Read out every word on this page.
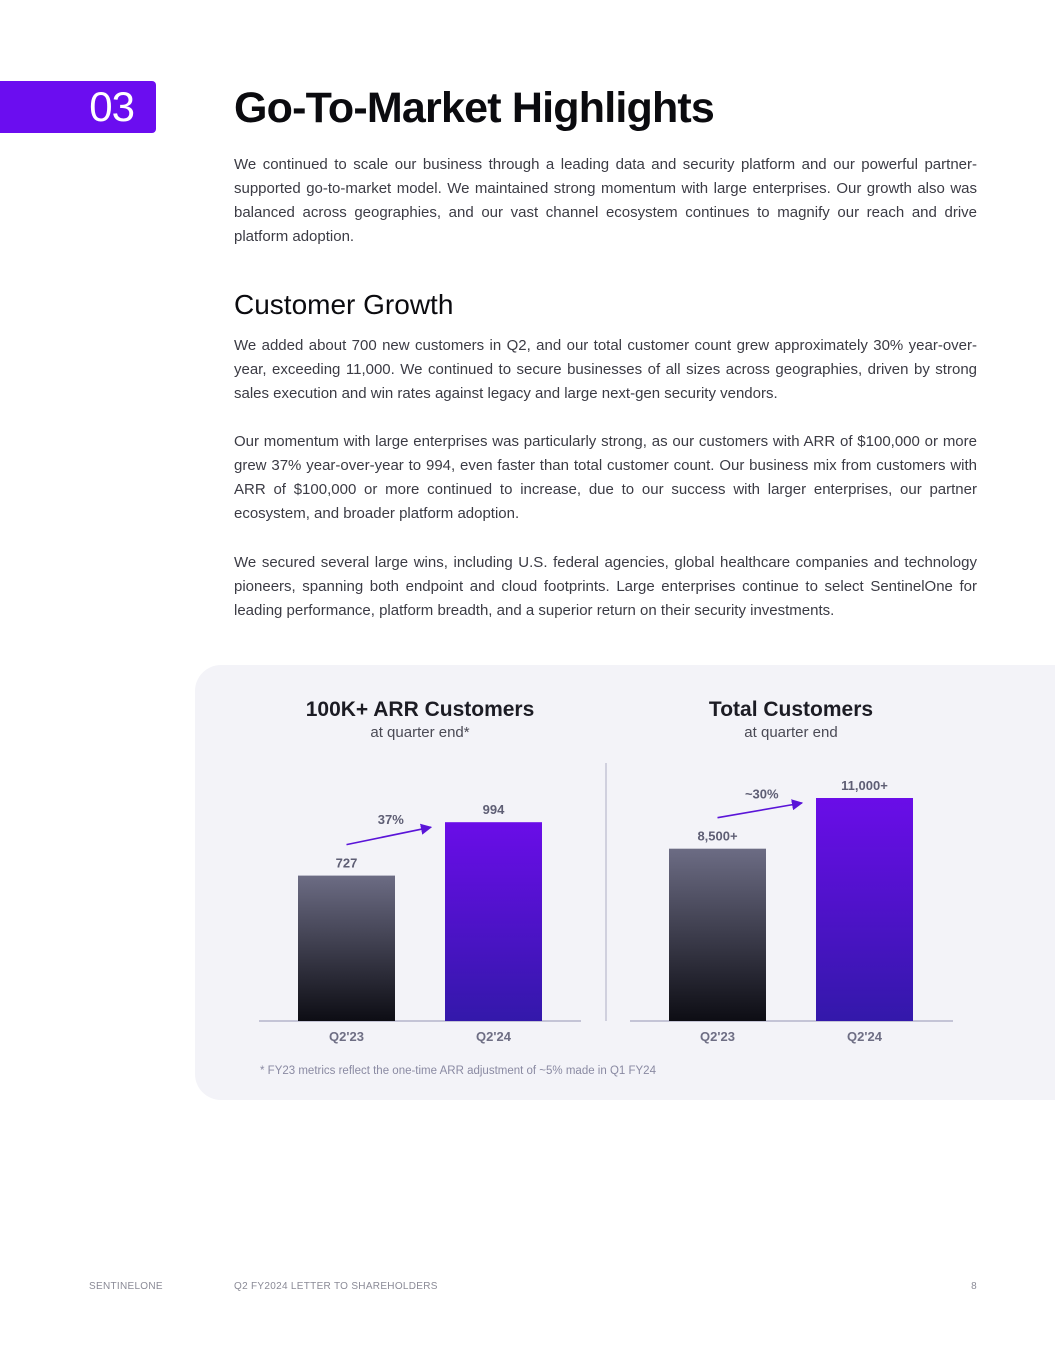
03 Go-To-Market Highlights

We continued to scale our business through a leading data and security platform and our powerful partner-supported go-to-market model. We maintained strong momentum with large enterprises. Our growth also was balanced across geographies, and our vast channel ecosystem continues to magnify our reach and drive platform adoption.

Customer Growth

We added about 700 new customers in Q2, and our total customer count grew approximately 30% year-over-year, exceeding 11,000. We continued to secure businesses of all sizes across geographies, driven by strong sales execution and win rates against legacy and large next-gen security vendors.

Our momentum with large enterprises was particularly strong, as our customers with ARR of $100,000 or more grew 37% year-over-year to 994, even faster than total customer count. Our business mix from customers with ARR of $100,000 or more continued to increase, due to our success with larger enterprises, our partner ecosystem, and broader platform adoption.

We secured several large wins, including U.S. federal agencies, global healthcare companies and technology pioneers, spanning both endpoint and cloud footprints. Large enterprises continue to select SentinelOne for leading performance, platform breadth, and a superior return on their security investments.

100K+ ARR Customers
at quarter end*
Total Customers
at quarter end
727
Q2'23
994
Q2'24
37%
8,500+
Q2'23
11,000+
Q2'24
~30%
* FY23 metrics reflect the one-time ARR adjustment of ~5% made in Q1 FY24
SENTINELONE	Q2 FY2024 LETTER TO SHAREHOLDERS	8
